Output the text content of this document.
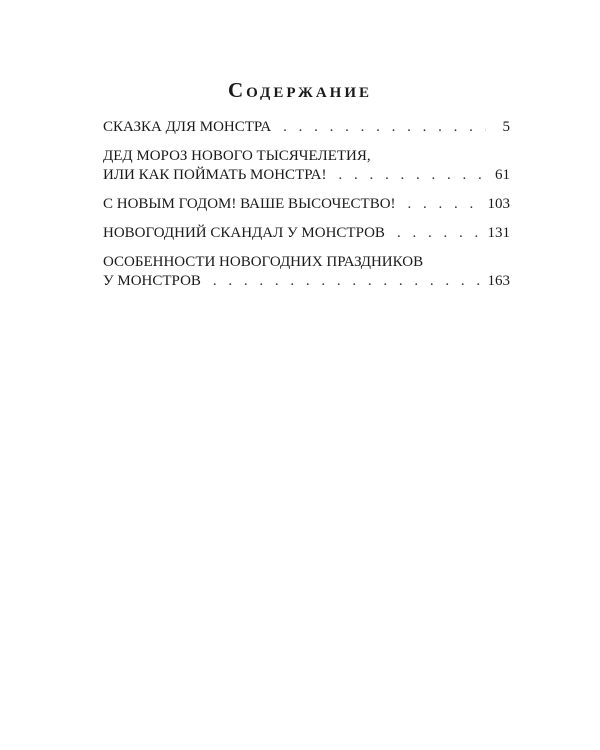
Содержание
СКАЗКА ДЛЯ МОНСТРА . . .	5
ДЕД МОРОЗ НОВОГО ТЫСЯЧЕЛЕТИЯ,
ИЛИ КАК ПОЙМАТЬ МОНСТРА! . . .	61
С НОВЫМ ГОДОМ! ВАШЕ ВЫСОЧЕСТВО! . . .	103
НОВОГОДНИЙ СКАНДАЛ У МОНСТРОВ . . .	131
ОСОБЕННОСТИ НОВОГОДНИХ ПРАЗДНИКОВ
У МОНСТРОВ . . .	163
